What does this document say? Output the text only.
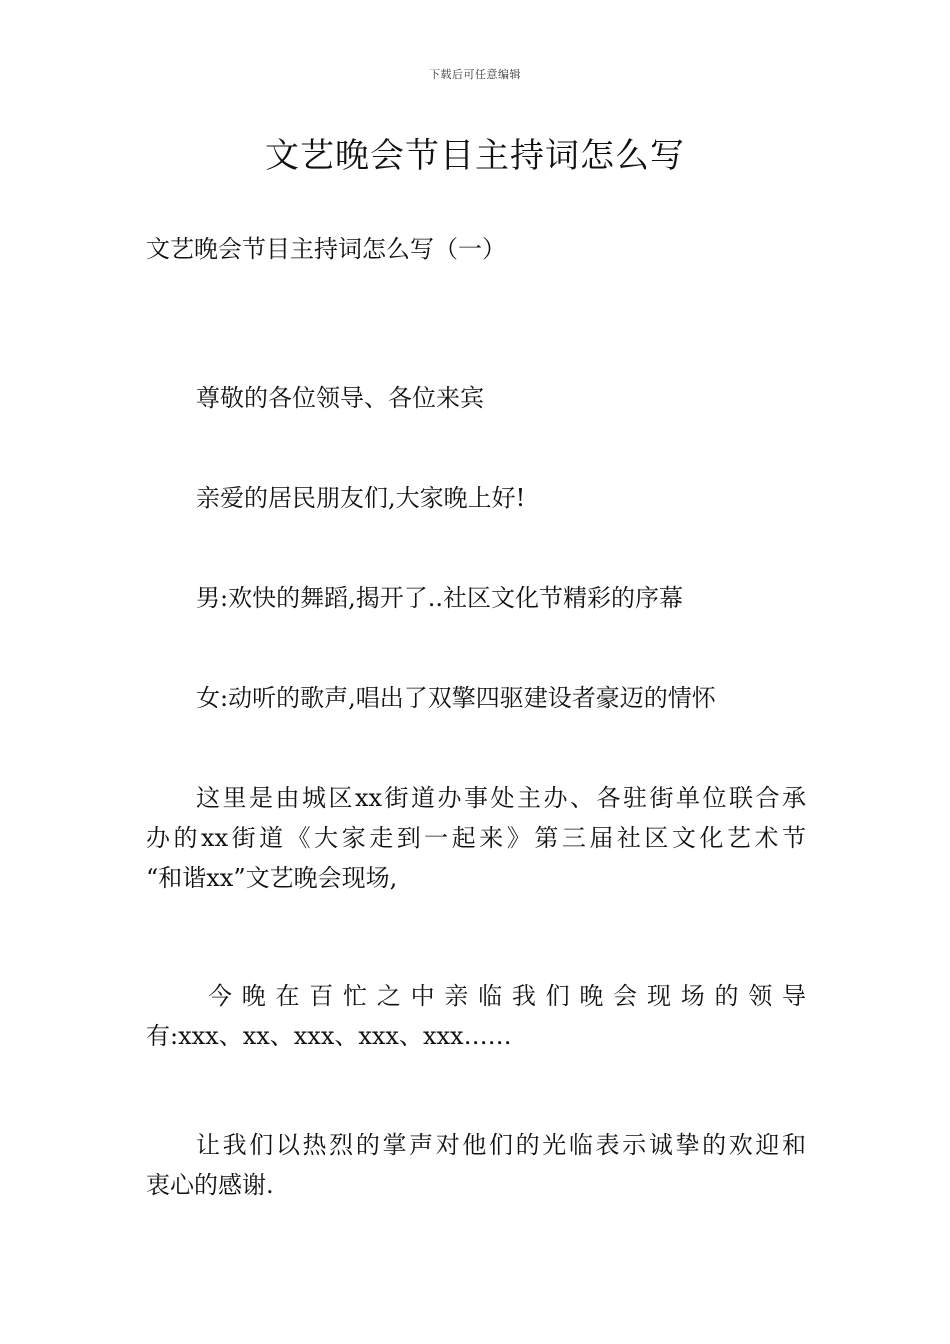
下载后可任意编辑
文艺晚会节目主持词怎么写

文艺晚会节目主持词怎么写（一）

尊敬的各位领导、各位来宾

亲爱的居民朋友们,大家晚上好!

男:欢快的舞蹈,揭开了..社区文化节精彩的序幕

女:动听的歌声,唱出了双擎四驱建设者豪迈的情怀

这里是由城区xx街道办事处主办、各驻街单位联合承
办的xx街道《大家走到一起来》第三届社区文化艺术节
“和谐xx”文艺晚会现场,
今晚在百忙之中亲临我们晚会现场的领导
有:xxx、xx、xxx、xxx、xxx……
让我们以热烈的掌声对他们的光临表示诚挚的欢迎和
衷心的感谢.
